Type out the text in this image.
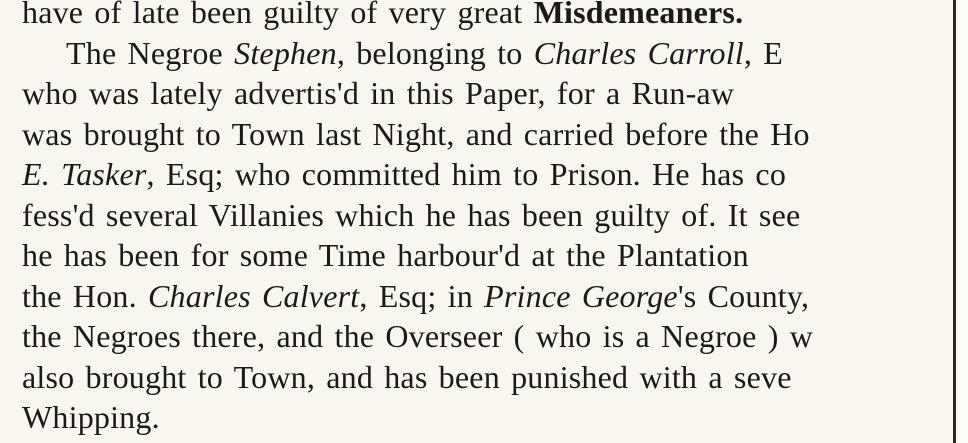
have of late been guilty of very great Misdemeaners.
The Negroe Stephen, belonging to Charles Carroll, E
who was lately advertis'd in this Paper, for a Run-aw
was brought to Town last Night, and carried before the Ho
E. Tasker, Esq; who committed him to Prison. He has co
fess'd several Villanies which he has been guilty of. It see
he has been for some Time harbour'd at the Plantation
the Hon. Charles Calvert, Esq; in Prince George's County,
the Negroes there, and the Overseer ( who is a Negroe ) w
also brought to Town, and has been punished with a seve
Whipping.
